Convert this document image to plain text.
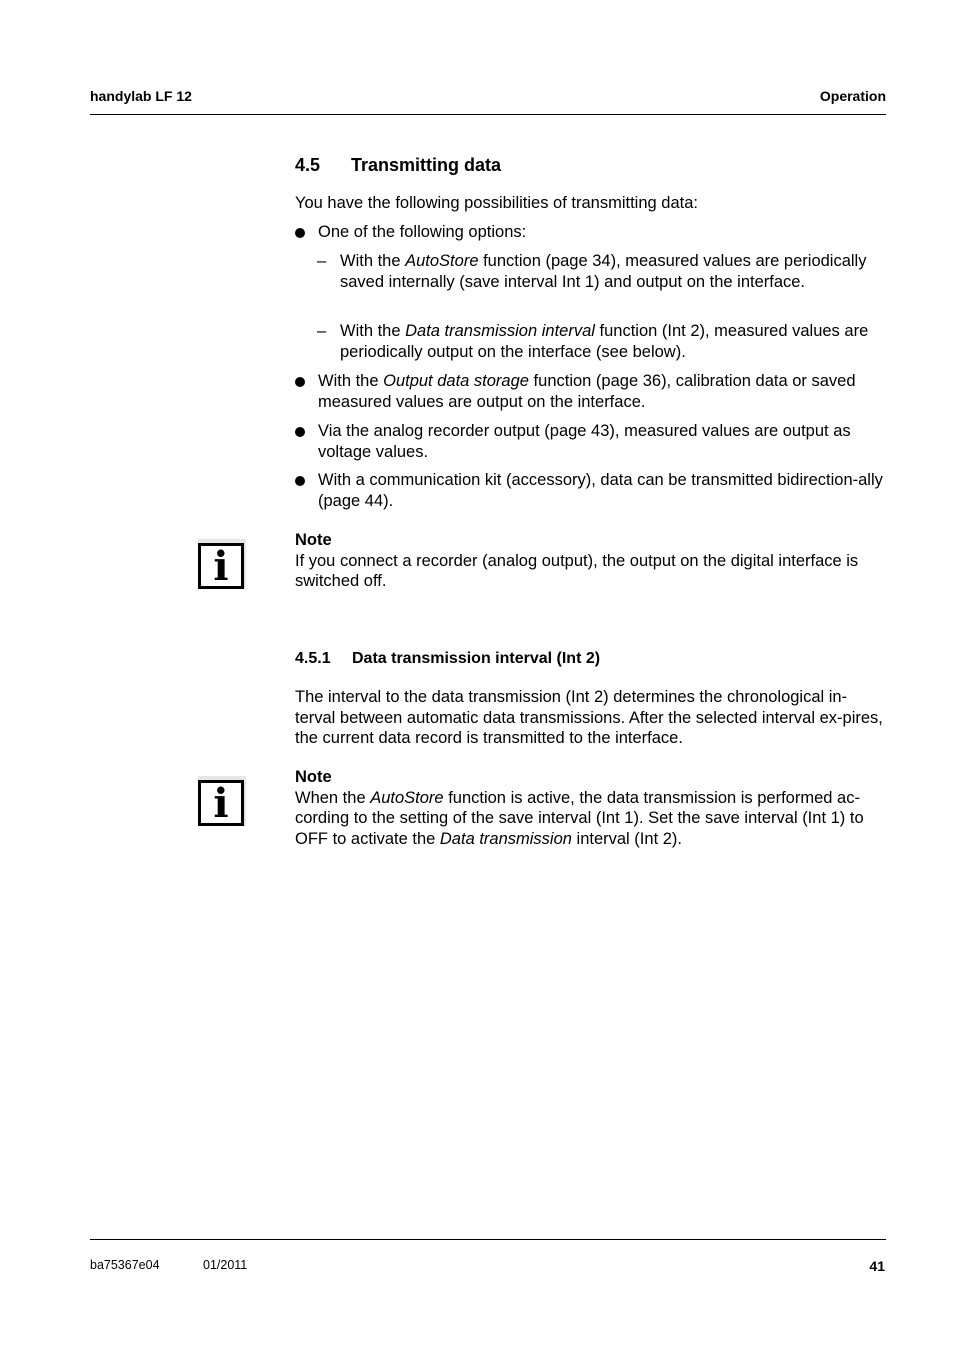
handylab LF 12	Operation
4.5 Transmitting data
You have the following possibilities of transmitting data:
One of the following options:
– With the AutoStore function (page 34), measured values are periodically saved internally (save interval Int 1) and output on the interface.
– With the Data transmission interval function (Int 2), measured values are periodically output on the interface (see below).
With the Output data storage function (page 36), calibration data or saved measured values are output on the interface.
Via the analog recorder output (page 43), measured values are output as voltage values.
With a communication kit (accessory), data can be transmitted bidirection-ally (page 44).
i
Note
If you connect a recorder (analog output), the output on the digital interface is switched off.
4.5.1 Data transmission interval (Int 2)
The interval to the data transmission (Int 2) determines the chronological in-terval between automatic data transmissions. After the selected interval ex-pires, the current data record is transmitted to the interface.
i
Note
When the AutoStore function is active, the data transmission is performed ac-cording to the setting of the save interval (Int 1). Set the save interval (Int 1) to OFF to activate the Data transmission interval (Int 2).
ba75367e04	01/2011	41
